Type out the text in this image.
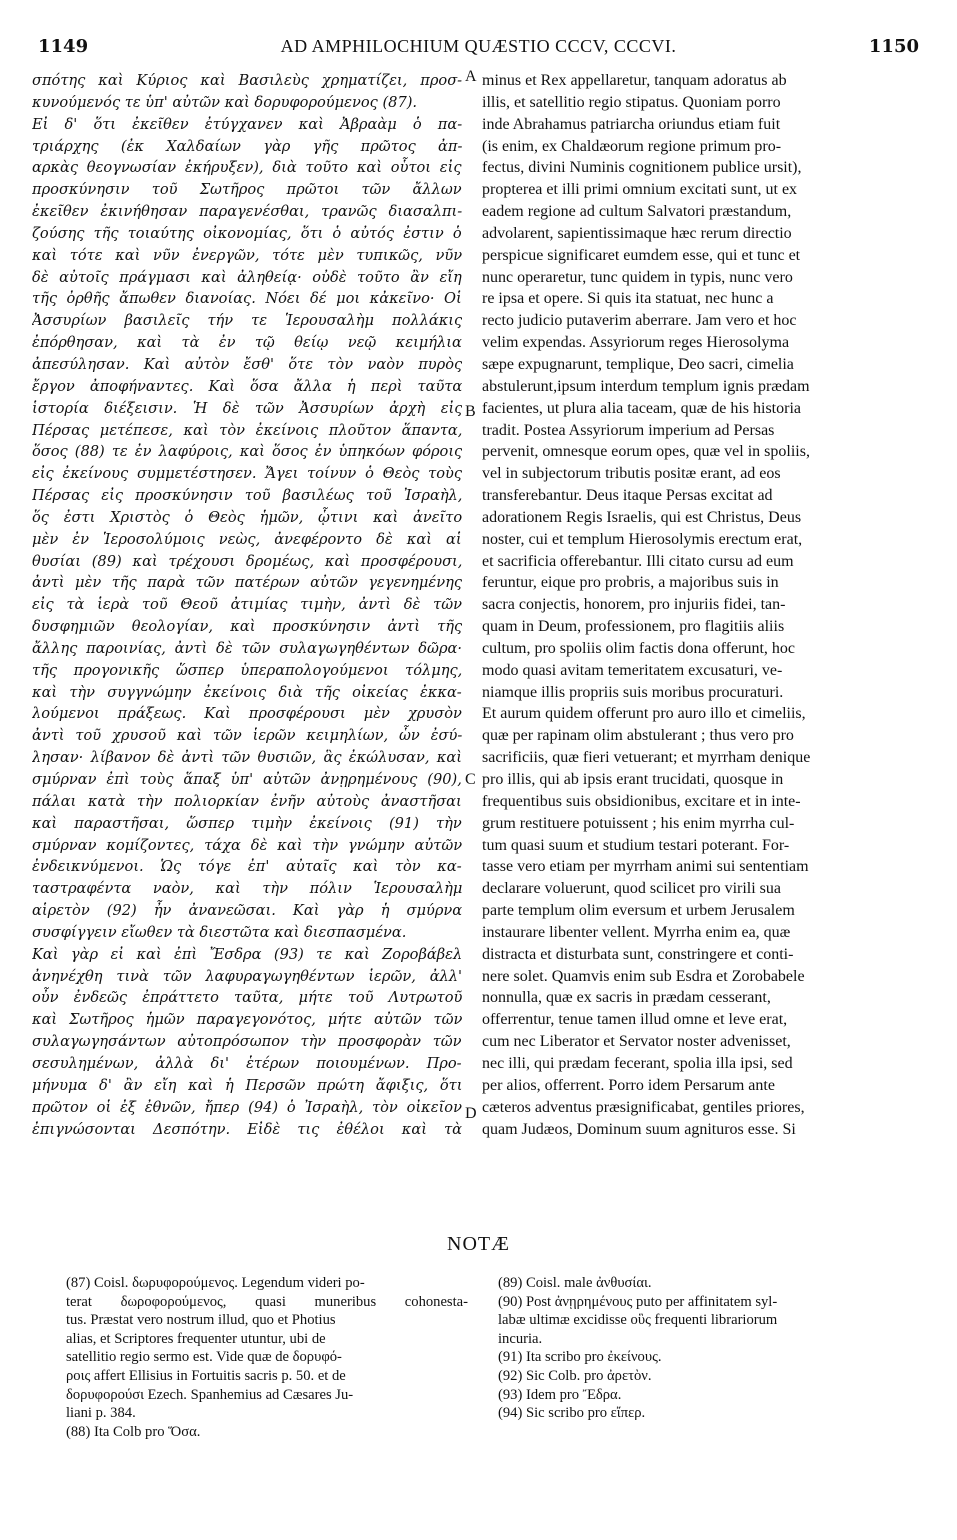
1149	AD AMPHILOCHIUM QUÆSTIO CCCV, CCCVI.	1150
σπότης καὶ Κύριος καὶ Βασιλεὺς χρηματίζει, προσ-
κυνούμενός τε ὑπ' αὐτῶν καὶ δορυφορούμενος (87).
Εἰ δ' ὅτι ἐκεῖθεν ἐτύγχανεν καὶ Ἀβραὰμ ὁ πα-
τριάρχης (ἐκ Χαλδαίων γὰρ γῆς πρῶτος ἀπ-
αρκὰς θεογνωσίαν ἐκήρυξεν), διὰ τοῦτο καὶ οὗτοι εἰς
προσκύνησιν τοῦ Σωτῆρος πρῶτοι τῶν ἄλλων
ἐκεῖθεν ἐκινήθησαν παραγενέσθαι, τρανῶς διασαλπι-
ζούσης τῆς τοιαύτης οἰκονομίας, ὅτι ὁ αὐτός ἐστιν ὁ
καὶ τότε καὶ νῦν ἐνεργῶν, τότε μὲν τυπικῶς, νῦν
δὲ αὐτοῖς πράγμασι καὶ ἀληθείᾳ· οὐδὲ τοῦτο ἂν εἴη
τῆς ὀρθῆς ἄπωθεν διανοίας. Νόει δέ μοι κἀκεῖνο· Οἱ
Ἀσσυρίων βασιλεῖς τήν τε Ἱερουσαλὴμ πολλάκις
ἐπόρθησαν, καὶ τὰ ἐν τῷ θείῳ νεῷ κειμήλια
ἀπεσύλησαν. Καὶ αὐτὸν ἔσθ' ὅτε τὸν ναὸν πυρὸς
ἔργον ἀποφήναντες. Καὶ ὅσα ἄλλα ἡ περὶ ταῦτα
ἱστορία διέξεισιν. Ἡ δὲ τῶν Ἀσσυρίων ἀρχὴ εἰς
Πέρσας μετέπεσε, καὶ τὸν ἐκείνοις πλοῦτον ἅπαντα,
ὅσος (88) τε ἐν λαφύροις, καὶ ὅσος ἐν ὑπηκόων φόροις
εἰς ἐκείνους συμμετέστησεν. Ἄγει τοίνυν ὁ Θεὸς τοὺς
Πέρσας εἰς προσκύνησιν τοῦ βασιλέως τοῦ Ἰσραὴλ,
ὅς ἐστι Χριστὸς ὁ Θεὸς ἡμῶν, ᾧτινι καὶ ἀνεῖτο
μὲν ἐν Ἱεροσολύμοις νεὼς, ἀνεφέροντο δὲ καὶ αἱ
θυσίαι (89) καὶ τρέχουσι δρομέως, καὶ προσφέρουσι,
ἀντὶ μὲν τῆς παρὰ τῶν πατέρων αὐτῶν γεγενημένης
εἰς τὰ ἱερὰ τοῦ Θεοῦ ἀτιμίας τιμὴν, ἀντὶ δὲ τῶν
δυσφημιῶν θεολογίαν, καὶ προσκύνησιν ἀντὶ τῆς
ἄλλης παροινίας, ἀντὶ δὲ τῶν συλαγωγηθέντων δῶρα·
τῆς προγονικῆς ὥσπερ ὑπεραπολογούμενοι τόλμης,
καὶ τὴν συγγνώμην ἐκείνοις διὰ τῆς οἰκείας ἐκκα-
λούμενοι πράξεως. Καὶ προσφέρουσι μὲν χρυσὸν
ἀντὶ τοῦ χρυσοῦ καὶ τῶν ἱερῶν κειμηλίων, ὧν ἐσύ-
λησαν· λίβανον δὲ ἀντὶ τῶν θυσιῶν, ἃς ἐκώλυσαν, καὶ
σμύρναν ἐπὶ τοὺς ἅπαξ ὑπ' αὐτῶν ἀνῃρημένους (90),
πάλαι κατὰ τὴν πολιορκίαν ἐνῆν αὐτοὺς ἀναστῆσαι
καὶ παραστῆσαι, ὥσπερ τιμὴν ἐκείνοις (91) τὴν
σμύρναν κομίζοντες, τάχα δὲ καὶ τὴν γνώμην αὐτῶν
ἐνδεικνύμενοι. Ὡς τόγε ἐπ' αὐταῖς καὶ τὸν κα-
ταστραφέντα ναὸν, καὶ τὴν πόλιν Ἱερουσαλὴμ
αἱρετὸν (92) ἦν ἀνανεῶσαι. Καὶ γὰρ ἡ σμύρνα
συσφίγγειν εἴωθεν τὰ διεστῶτα καὶ διεσπασμένα.
Καὶ γὰρ εἰ καὶ ἐπὶ Ἔσδρα (93) τε καὶ Ζοροβάβελ
ἀνηνέχθη τινὰ τῶν λαφυραγωγηθέντων ἱερῶν, ἀλλ'
οὖν ἐνδεῶς ἐπράττετο ταῦτα, μήτε τοῦ Λυτρωτοῦ
καὶ Σωτῆρος ἡμῶν παραγεγονότος, μήτε αὐτῶν τῶν
συλαγωγησάντων αὐτοπρόσωπον τὴν προσφορὰν τῶν
σεσυλημένων, ἀλλὰ δι' ἑτέρων ποιουμένων. Προ-
μήνυμα δ' ἂν εἴη καὶ ἡ Περσῶν πρώτη ἄφιξις, ὅτι
πρῶτον οἱ ἐξ ἐθνῶν, ἤπερ (94) ὁ Ἰσραὴλ, τὸν οἰκεῖον
ἐπιγνώσονται Δεσπότην. Εἰδὲ τις ἐθέλοι καὶ τὰ
minus et Rex appellaretur, tanquam adoratus ab
illis, et satellitio regio stipatus. Quoniam porro
inde Abrahamus patriarcha oriundus etiam fuit
(is enim, ex Chaldæorum regione primum pro-
fectus, divini Numinis cognitionem publice ursit),
propterea et illi primi omnium excitati sunt, ut ex
eadem regione ad cultum Salvatori præstandum,
advolarent, sapientissimaque hæc rerum directio
perspicue significaret eumdem esse, qui et tunc et
nunc operaretur, tunc quidem in typis, nunc vero
re ipsa et opere. Si quis ita statuat, nec hunc a
recto judicio putaverim aberrare. Jam vero et hoc
velim expendas. Assyriorum reges Hierosolyma
sæpe expugnarunt, templique, Deo sacri, cimelia
abstulerunt,ipsum interdum templum ignis prædam
facientes, ut plura alia taceam, quæ de his historia
tradit. Postea Assyriorum imperium ad Persas
pervenit, omnesque eorum opes, quæ vel in spoliis,
vel in subjectorum tributis positæ erant, ad eos
transferebantur. Deus itaque Persas excitat ad
adorationem Regis Israelis, qui est Christus, Deus
noster, cui et templum Hierosolymis erectum erat,
et sacrificia offerebantur. Illi citato cursu ad eum
feruntur, eique pro probris, a majoribus suis in
sacra conjectis, honorem, pro injuriis fidei, tan-
quam in Deum, professionem, pro flagitiis aliis
cultum, pro spoliis olim factis dona offerunt, hoc
modo quasi avitam temeritatem excusaturi, ve-
niamque illis propriis suis moribus procuraturi.
Et aurum quidem offerunt pro auro illo et cimeliis,
quæ per rapinam olim abstulerant ; thus vero pro
sacrificiis, quæ fieri vetuerant; et myrrham denique
pro illis, qui ab ipsis erant trucidati, quosque in
frequentibus suis obsidionibus, excitare et in inte-
grum restituere potuissent ; his enim myrrha cul-
tum quasi suum et studium testari poterant. For-
tasse vero etiam per myrrham animi sui sententiam
declarare voluerunt, quod scilicet pro virili sua
parte templum olim eversum et urbem Jerusalem
instaurare libenter vellent. Myrrha enim ea, quæ
distracta et disturbata sunt, constringere et conti-
nere solet. Quamvis enim sub Esdra et Zorobabele
nonnulla, quæ ex sacris in prædam cesserant,
offerrentur, tenue tamen illud omne et leve erat,
cum nec Liberator et Servator noster advenisset,
nec illi, qui prædam fecerant, spolia illa ipsi, sed
per alios, offerrent. Porro idem Persarum ante
cæteros adventus præsignificabat, gentiles priores,
quam Judæos, Dominum suum agnituros esse. Si
A
B
C
D
NOTÆ
(87) Coisl. δωρυφορούμενος. Legendum videri po-
terat δωροφορούμενος, quasi muneribus cohonesta-
tus. Præstat vero nostrum illud, quo et Photius
alias, et Scriptores frequenter utuntur, ubi de
satellitio regio sermo est. Vide quæ de δορυφό-
ροις affert Ellisius in Fortuitis sacris p. 50. et de
δορυφορούσι Ezech. Spanhemius ad Cæsares Ju-
liani p. 384.
(88) Ita Colb pro Ὅσα.
(89) Coisl. male ἀνθυσίαι.
(90) Post ἀνῃρημένους puto per affinitatem syl-
labæ ultimæ excidisse οὓς frequenti librariorum
incuria.
(91) Ita scribo pro ἐκείνους.
(92) Sic Colb. pro ἀρετὸν.
(93) Idem pro Ἔδρα.
(94) Sic scribo pro εἴπερ.
